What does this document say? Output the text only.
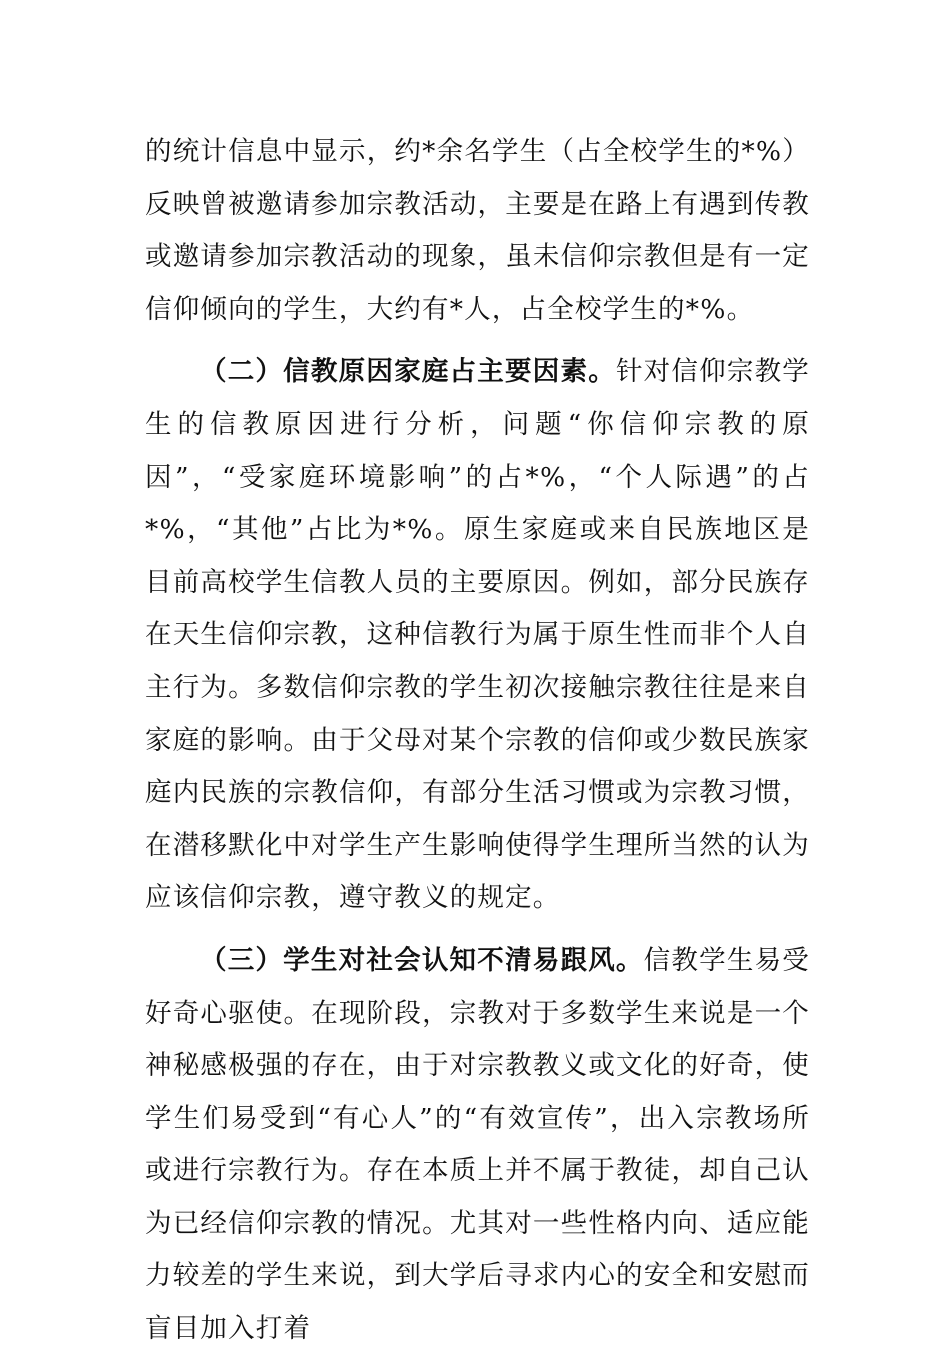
的统计信息中显示，约*余名学生（占全校学生的*%）反映曾被邀请参加宗教活动，主要是在路上有遇到传教或邀请参加宗教活动的现象，虽未信仰宗教但是有一定信仰倾向的学生，大约有*人，占全校学生的*%。

（二）信教原因家庭占主要因素。针对信仰宗教学生的信教原因进行分析，问题“你信仰宗教的原因”，“受家庭环境影响”的占*%，“个人际遇”的占*%，“其他”占比为*%。原生家庭或来自民族地区是目前高校学生信教人员的主要原因。例如，部分民族存在天生信仰宗教，这种信教行为属于原生性而非个人自主行为。多数信仰宗教的学生初次接触宗教往往是来自家庭的影响。由于父母对某个宗教的信仰或少数民族家庭内民族的宗教信仰，有部分生活习惯或为宗教习惯，在潜移默化中对学生产生影响使得学生理所当然的认为应该信仰宗教，遵守教义的规定。

（三）学生对社会认知不清易跟风。信教学生易受好奇心驱使。在现阶段，宗教对于多数学生来说是一个神秘感极强的存在，由于对宗教教义或文化的好奇，使学生们易受到“有心人”的“有效宣传”，出入宗教场所或进行宗教行为。存在本质上并不属于教徒，却自己认为已经信仰宗教的情况。尤其对一些性格内向、适应能力较差的学生来说，到大学后寻求内心的安全和安慰而盲目加入打着
